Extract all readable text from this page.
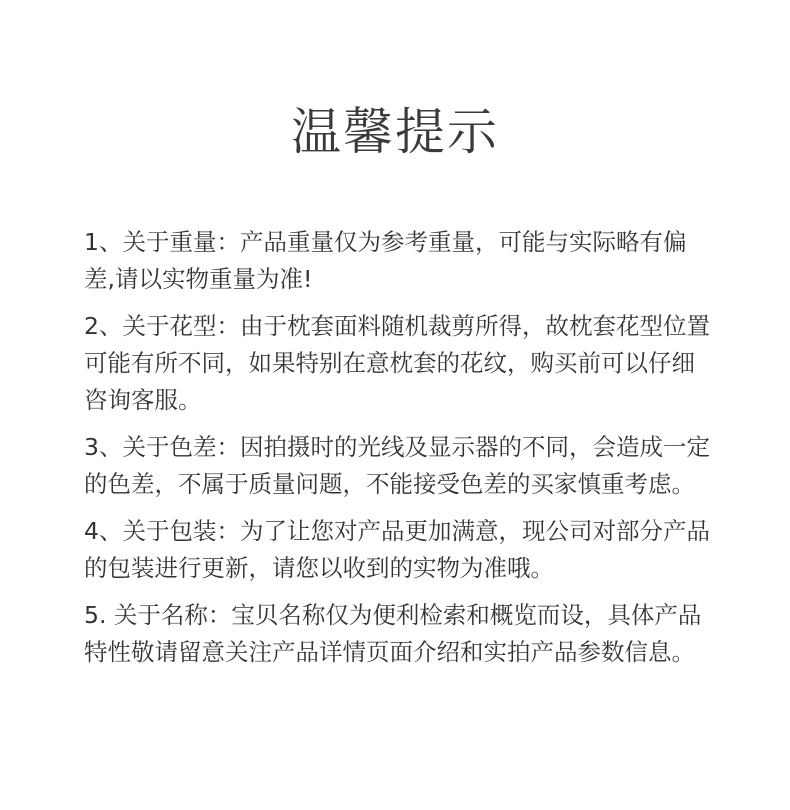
温馨提示

1、关于重量：产品重量仅为参考重量，可能与实际略有偏差,请以实物重量为准!

2、关于花型：由于枕套面料随机裁剪所得，故枕套花型位置可能有所不同，如果特别在意枕套的花纹，购买前可以仔细咨询客服。

3、关于色差：因拍摄时的光线及显示器的不同，会造成一定的色差，不属于质量问题，不能接受色差的买家慎重考虑。

4、关于包装：为了让您对产品更加满意，现公司对部分产品的包装进行更新，请您以收到的实物为准哦。

5. 关于名称：宝贝名称仅为便利检索和概览而设，具体产品特性敬请留意关注产品详情页面介绍和实拍产品参数信息。
